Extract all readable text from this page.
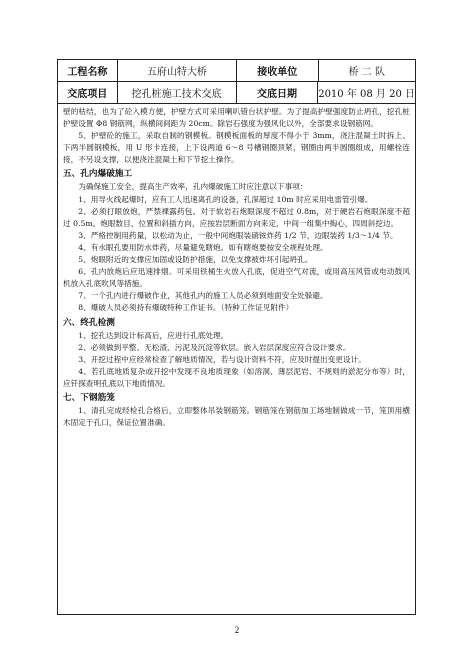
工程名称	五府山特大桥	接收单位	桥 二 队
交底项目	挖孔桩施工技术交底	交底日期	2010 年 08 月 20 日

壁的枯结，也为了砼入模方便，护壁方式可采用喇叭错台状护壁。为了提高护壁强度防止坍孔，挖孔桩护壁设置 Φ8 钢筋网，纵横间间距为 20cm。除岩石强度为强风化以外，全部要求设钢筋网。

5、护壁砼的施工，采取自制的钢模板。钢模板面板的厚度不得小于 3mm，浇注混凝土时拆上、下两半圆钢模板，用 U 形卡连接，上下设两道 6～8 号槽钢圈顶紧，钢圈由两半圆圈组成，用螺栓连接，不另设支撑，以便浇注混凝土和下节挖土操作。

五、孔内爆破施工

为确保施工安全，提高生产效率，孔内爆破施工时应注意以下事项：

1、用导火线起爆时，应有工人迅速离孔的设备，孔深超过 10m 时应采用电雷管引爆。

2、必须打眼放炮，严禁裸露药包。对于软岩石炮眼深度不超过 0.8m，对于硬岩石炮眼深度不超过 0.5m。炮眼数目、位置和斜插方向，应按岩层断面方向来定，中间一组集中掏心，四周斜挖边。

3、严格控制用药量，以松动为止，一般中间炮眼装硝铵炸药 1/2 节，边眼装药 1/3～1/4 节。

4、有水眼孔要用防水炸药，尽量避免瞎炮。如有瞎炮要按安全规程处理。

5、炮眼附近的支撑应加固或设防护措施，以免支撑被炸坏引起坍孔。

6、孔内放炮后应迅速排烟。可采用铁桶生火放入孔底，促进空气对流，或用高压风管或电动鼓风机放入孔底吹风等措施。

7、一个孔内进行爆破作业，其他孔内的施工人员必须到地面安全处躲避。

8、爆破人员必须持有爆破特种工作证书。（特种工作证见附件）

六、终孔检测

1、挖孔达到设计标高后，应进行孔底处理。

2、必须做到平整、无松渣、污泥及沉淀等软层。嵌入岩层深度应符合设计要求。

3、开挖过程中应经常检查了解地质情况，若与设计资料不符，应及时提出变更设计。

4、若孔底地质复杂或开挖中发现不良地质现象（如溶洞、薄层泥岩、不规则的淤泥分布等）时，应钎探查明孔底以下地质情况。

七、下钢筋笼

1、清孔完成经检孔合格后，立即整体吊装钢筋笼。钢筋笼在钢筋加工场地制做成一节，笼顶用横木固定于孔口，保证位置准确。

2
